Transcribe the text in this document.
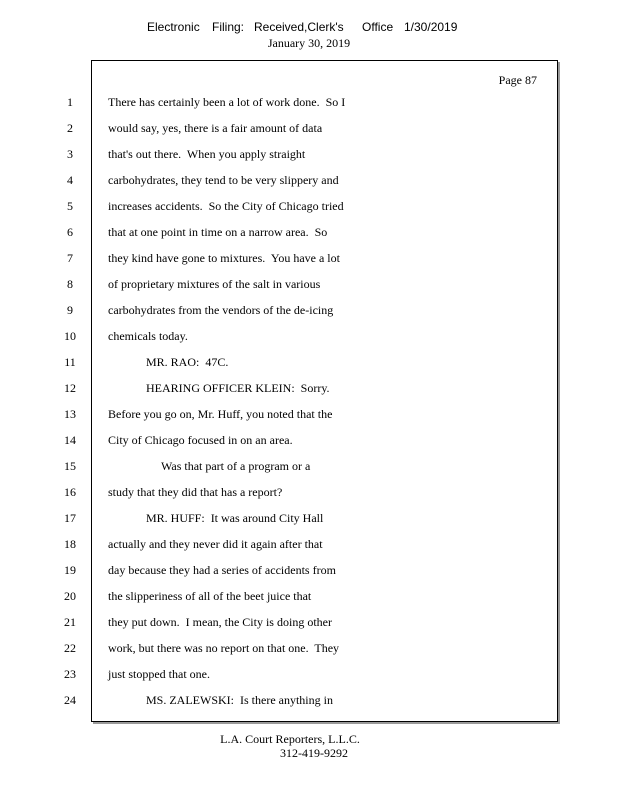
Electronic Filing: Received,Clerk's Office 1/30/2019
January 30, 2019
Page 87
1	There has certainly been a lot of work done.  So I
2	would say, yes, there is a fair amount of data
3	that's out there.  When you apply straight
4	carbohydrates, they tend to be very slippery and
5	increases accidents.  So the City of Chicago tried
6	that at one point in time on a narrow area.  So
7	they kind have gone to mixtures.  You have a lot
8	of proprietary mixtures of the salt in various
9	carbohydrates from the vendors of the de-icing
10	chemicals today.
11	MR. RAO:  47C.
12	HEARING OFFICER KLEIN:  Sorry.
13	Before you go on, Mr. Huff, you noted that the
14	City of Chicago focused in on an area.
15	Was that part of a program or a
16	study that they did that has a report?
17	MR. HUFF:  It was around City Hall
18	actually and they never did it again after that
19	day because they had a series of accidents from
20	the slipperiness of all of the beet juice that
21	they put down.  I mean, the City is doing other
22	work, but there was no report on that one.  They
23	just stopped that one.
24	MS. ZALEWSKI:  Is there anything in
L.A. Court Reporters, L.L.C.
312-419-9292
